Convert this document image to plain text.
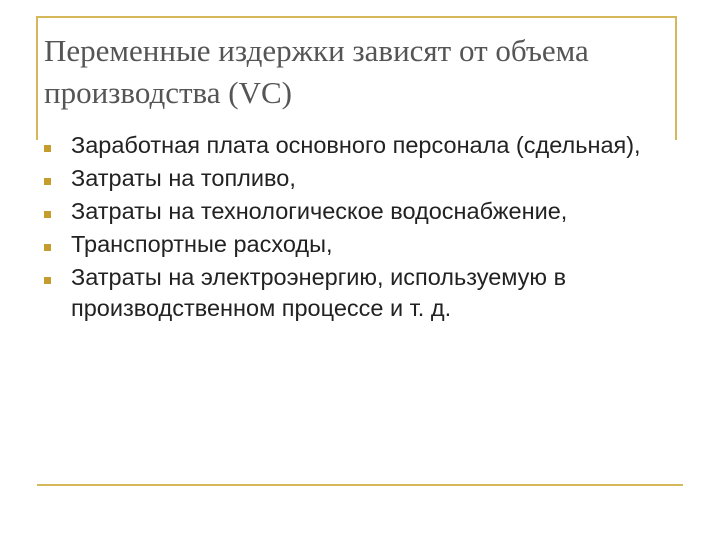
Переменные издержки зависят от объема производства (VC)
Заработная плата основного персонала (сдельная),
Затраты на топливо,
Затраты на технологическое водоснабжение,
Транспортные расходы,
Затраты на электроэнергию, используемую в производственном процессе и т. д.
